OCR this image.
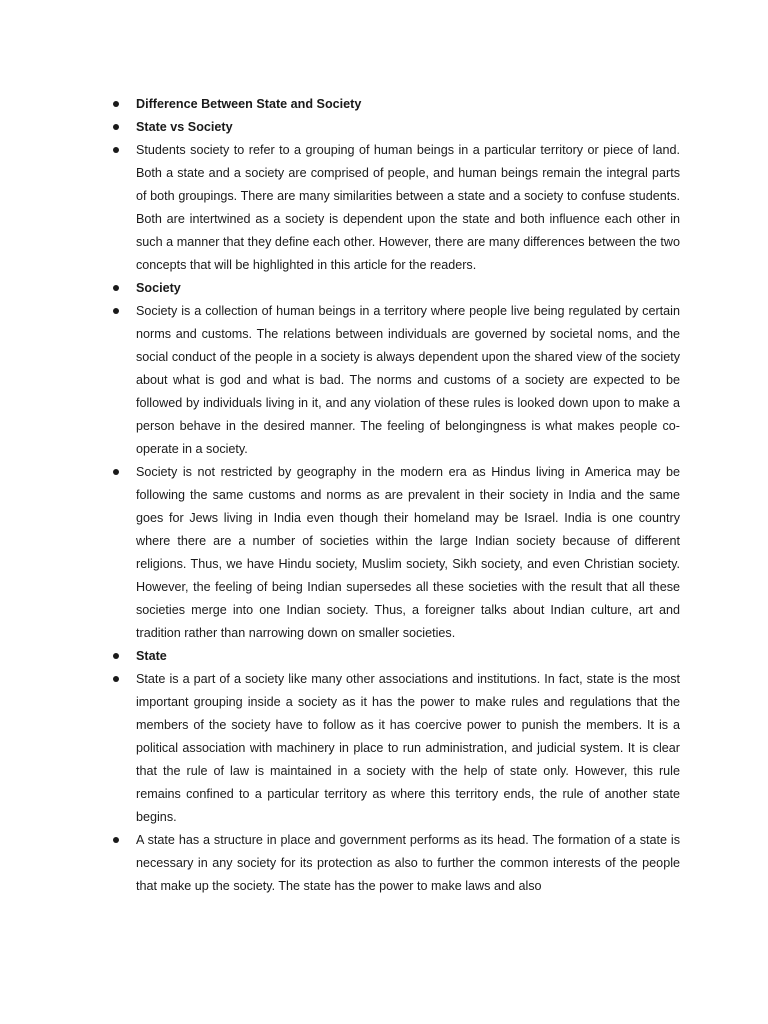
Difference Between State and Society
State vs Society
Students society to refer to a grouping of human beings in a particular territory or piece of land. Both a state and a society are comprised of people, and human beings remain the integral parts of both groupings. There are many similarities between a state and a society to confuse students. Both are intertwined as a society is dependent upon the state and both influence each other in such a manner that they define each other. However, there are many differences between the two concepts that will be highlighted in this article for the readers.
Society
Society is a collection of human beings in a territory where people live being regulated by certain norms and customs. The relations between individuals are governed by societal noms, and the social conduct of the people in a society is always dependent upon the shared view of the society about what is god and what is bad. The norms and customs of a society are expected to be followed by individuals living in it, and any violation of these rules is looked down upon to make a person behave in the desired manner. The feeling of belongingness is what makes people co-operate in a society.
Society is not restricted by geography in the modern era as Hindus living in America may be following the same customs and norms as are prevalent in their society in India and the same goes for Jews living in India even though their homeland may be Israel. India is one country where there are a number of societies within the large Indian society because of different religions. Thus, we have Hindu society, Muslim society, Sikh society, and even Christian society. However, the feeling of being Indian supersedes all these societies with the result that all these societies merge into one Indian society. Thus, a foreigner talks about Indian culture, art and tradition rather than narrowing down on smaller societies.
State
State is a part of a society like many other associations and institutions. In fact, state is the most important grouping inside a society as it has the power to make rules and regulations that the members of the society have to follow as it has coercive power to punish the members. It is a political association with machinery in place to run administration, and judicial system. It is clear that the rule of law is maintained in a society with the help of state only. However, this rule remains confined to a particular territory as where this territory ends, the rule of another state begins.
A state has a structure in place and government performs as its head. The formation of a state is necessary in any society for its protection as also to further the common interests of the people that make up the society. The state has the power to make laws and also
